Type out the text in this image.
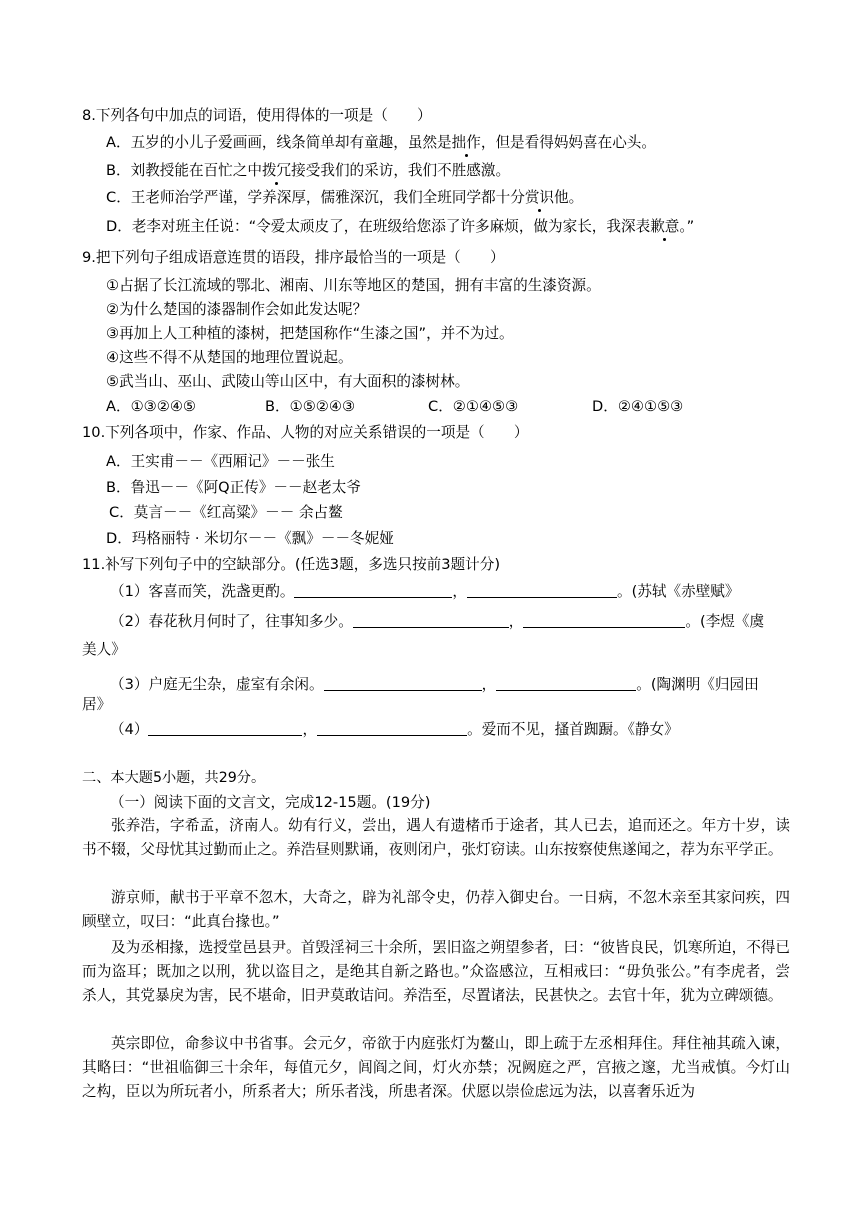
8.下列各句中加点的词语，使用得体的一项是（　　）
A．五岁的小儿子爱画画，线条简单却有童趣，虽然是拙作，但是看得妈妈喜在心头。
B．刘教授能在百忙之中拨冗接受我们的采访，我们不胜感激。
C．王老师治学严谨，学养深厚，儒雅深沉，我们全班同学都十分赏识他。
D．老李对班主任说：“令爱太顽皮了，在班级给您添了许多麻烦，做为家长，我深表歉意。”
9.把下列句子组成语意连贯的语段，排序最恰当的一项是（　　）
①占据了长江流域的鄂北、湘南、川东等地区的楚国，拥有丰富的生漆资源。
②为什么楚国的漆器制作会如此发达呢？
③再加上人工种植的漆树，把楚国称作“生漆之国”，并不为过。
④这些不得不从楚国的地理位置说起。
⑤武当山、巫山、武陵山等山区中，有大面积的漆树林。
A．①③②④⑤	B．①⑤②④③	C．②①④⑤③	D．②④①⑤③
10.下列各项中，作家、作品、人物的对应关系错误的一项是（　　）
A．王实甫－－《西厢记》－－张生
B．鲁迅－－《阿Q正传》－－赵老太爷
C．莫言－－《红高粱》－－ 余占鳌
D．玛格丽特 · 米切尔－－《飘》－－冬妮娅
11.补写下列句子中的空缺部分。(任选3题，多选只按前3题计分)
（1）客喜而笑，洗盏更酌。	，	。(苏轼《赤壁赋》
（2）春花秋月何时了，往事知多少。	，	。(李煜《虞
美人》
（3）户庭无尘杂，虚室有余闲。	，	。(陶渊明《归园田
居》
（4）	，	。爱而不见，搔首踟蹰。《静女》
二、本大题5小题，共29分。
（一）阅读下面的文言文，完成12-15题。(19分)
张养浩，字希孟，济南人。幼有行义，尝出，遇人有遗楮币于途者，其人已去，追而还之。年方十岁，读书不辍，父母忧其过勤而止之。养浩昼则默诵，夜则闭户，张灯窃读。山东按察使焦遂闻之，荐为东平学正。
游京师，献书于平章不忽木，大奇之，辟为礼部令史，仍荐入御史台。一日病，不忽木亲至其家问疾，四顾壁立，叹曰：“此真台掾也。”
及为丞相掾，选授堂邑县尹。首毁淫祠三十余所，罢旧盗之朔望参者，曰：“彼皆良民，饥寒所迫，不得已而为盗耳；既加之以刑，犹以盗目之，是绝其自新之路也。”众盗感泣，互相戒曰：“毋负张公。”有李虎者，尝杀人，其党暴戾为害，民不堪命，旧尹莫敢诘问。养浩至，尽置诸法，民甚快之。去官十年，犹为立碑颂德。
英宗即位，命参议中书省事。会元夕，帝欲于内庭张灯为鳌山，即上疏于左丞相拜住。拜住袖其疏入谏，其略曰：“世祖临御三十余年，每值元夕，闾阎之间，灯火亦禁；况阙庭之严，宫掖之邃，尤当戒慎。今灯山之构，臣以为所玩者小，所系者大；所乐者浅，所患者深。伏愿以崇俭虑远为法，以喜奢乐近为
